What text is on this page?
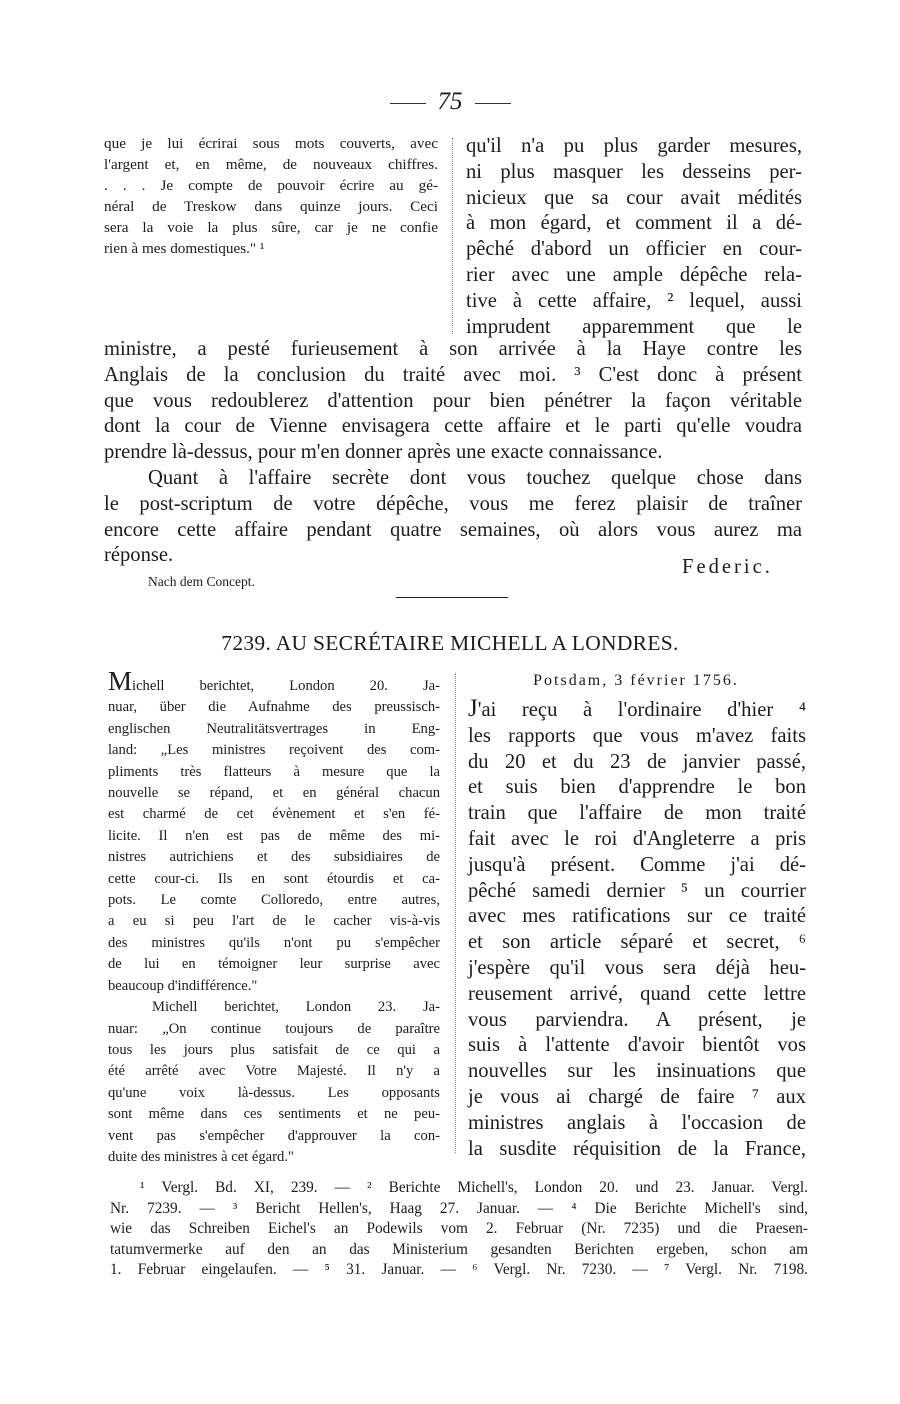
75
que je lui écrirai sous mots couverts, avec
l'argent et, en même, de nouveaux chiffres.
. . . Je compte de pouvoir écrire au gé-
néral de Treskow dans quinze jours. Ceci
sera la voie la plus sûre, car je ne confie
rien à mes domestiques." ¹
qu'il n'a pu plus garder mesures,
ni plus masquer les desseins per-
nicieux que sa cour avait médités
à mon égard, et comment il a dé-
pêché d'abord un officier en cour-
rier avec une ample dépêche rela-
tive à cette affaire, ² lequel, aussi
imprudent apparemment que le
ministre, a pesté furieusement à son arrivée à la Haye contre les
Anglais de la conclusion du traité avec moi. ³ C'est donc à présent
que vous redoublerez d'attention pour bien pénétrer la façon véritable
dont la cour de Vienne envisagera cette affaire et le parti qu'elle voudra
prendre là-dessus, pour m'en donner après une exacte connaissance.
Quant à l'affaire secrète dont vous touchez quelque chose dans
le post-scriptum de votre dépêche, vous me ferez plaisir de traîner
encore cette affaire pendant quatre semaines, où alors vous aurez ma
réponse.
Federic.
Nach dem Concept.
7239. AU SECRÉTAIRE MICHELL A LONDRES.
Michell berichtet, London 20. Ja-
nuar, über die Aufnahme des preussisch-
englischen Neutralitätsvertrages in Eng-
land: „Les ministres reçoivent des com-
pliments très flatteurs à mesure que la
nouvelle se répand, et en général chacun
est charmé de cet évènement et s'en fé-
licite. Il n'en est pas de même des mi-
nistres autrichiens et des subsidiaires de
cette cour-ci. Ils en sont étourdis et ca-
pots. Le comte Colloredo, entre autres,
a eu si peu l'art de le cacher vis-à-vis
des ministres qu'ils n'ont pu s'empêcher
de lui en témoigner leur surprise avec
beaucoup d'indifférence."
Michell berichtet, London 23. Ja-
nuar: „On continue toujours de paraître
tous les jours plus satisfait de ce qui a
été arrêté avec Votre Majesté. Il n'y a
qu'une voix là-dessus. Les opposants
sont même dans ces sentiments et ne peu-
vent pas s'empêcher d'approuver la con-
duite des ministres à cet égard."
Potsdam, 3 février 1756.
J'ai reçu à l'ordinaire d'hier ⁴
les rapports que vous m'avez faits
du 20 et du 23 de janvier passé,
et suis bien d'apprendre le bon
train que l'affaire de mon traité
fait avec le roi d'Angleterre a pris
jusqu'à présent. Comme j'ai dé-
pêché samedi dernier ⁵ un courrier
avec mes ratifications sur ce traité
et son article séparé et secret, ⁶
j'espère qu'il vous sera déjà heu-
reusement arrivé, quand cette lettre
vous parviendra. A présent, je
suis à l'attente d'avoir bientôt vos
nouvelles sur les insinuations que
je vous ai chargé de faire ⁷ aux
ministres anglais à l'occasion de
la susdite réquisition de la France,
¹ Vergl. Bd. XI, 239. — ² Berichte Michell's, London 20. und 23. Januar. Vergl.
Nr. 7239. — ³ Bericht Hellen's, Haag 27. Januar. — ⁴ Die Berichte Michell's sind,
wie das Schreiben Eichel's an Podewils vom 2. Februar (Nr. 7235) und die Praesen-
tatumvermerke auf den an das Ministerium gesandten Berichten ergeben, schon am
1. Februar eingelaufen. — ⁵ 31. Januar. — ⁶ Vergl. Nr. 7230. — ⁷ Vergl. Nr. 7198.
